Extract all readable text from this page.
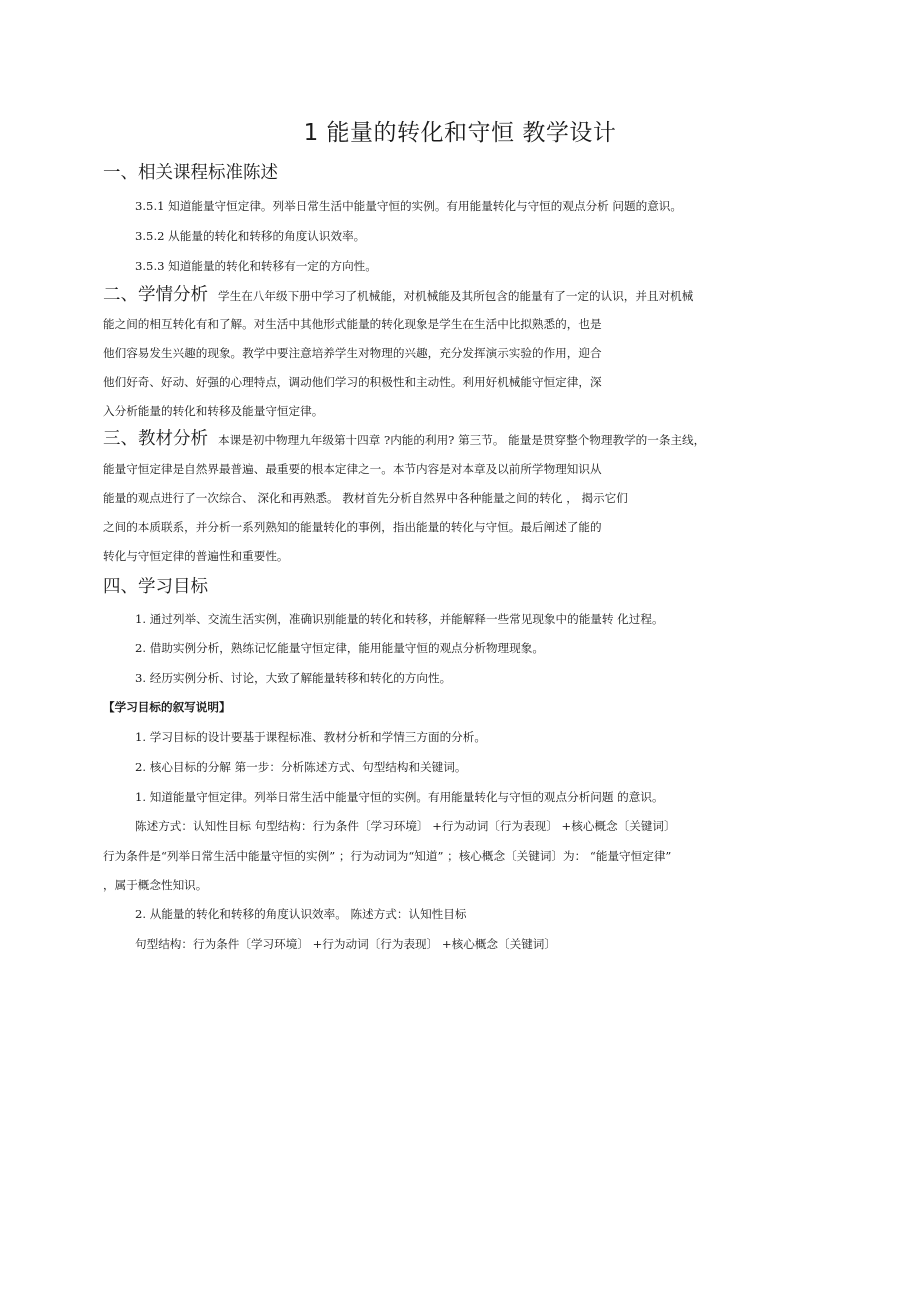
1 能量的转化和守恒 教学设计
一、相关课程标准陈述
3.5.1 知道能量守恒定律。列举日常生活中能量守恒的实例。有用能量转化与守恒的观点分析 问题的意识。
3.5.2 从能量的转化和转移的角度认识效率。
3.5.3 知道能量的转化和转移有一定的方向性。
二、学情分析 学生在八年级下册中学习了机械能，对机械能及其所包含的能量有了一定的认识，并且对机械
能之间的相互转化有和了解。对生活中其他形式能量的转化现象是学生在生活中比拟熟悉的，也是
他们容易发生兴趣的现象。教学中要注意培养学生对物理的兴趣，充分发挥演示实验的作用，迎合
他们好奇、好动、好强的心理特点，调动他们学习的积极性和主动性。利用好机械能守恒定律，深
入分析能量的转化和转移及能量守恒定律。
三、教材分析 本课是初中物理九年级第十四章 ?内能的利用? 第三节。 能量是贯穿整个物理教学的一条主线，
能量守恒定律是自然界最普遍、最重要的根本定律之一。本节内容是对本章及以前所学物理知识从
能量的观点进行了一次综合、 深化和再熟悉。 教材首先分析自然界中各种能量之间的转化 ， 揭示它们
之间的本质联系，并分析一系列熟知的能量转化的事例，指出能量的转化与守恒。最后阐述了能的
转化与守恒定律的普遍性和重要性。
四、学习目标
1. 通过列举、交流生活实例，准确识别能量的转化和转移，并能解释一些常见现象中的能量转 化过程。
2. 借助实例分析，熟练记忆能量守恒定律，能用能量守恒的观点分析物理现象。
3. 经历实例分析、讨论，大致了解能量转移和转化的方向性。
【学习目标的叙写说明】
1. 学习目标的设计要基于课程标准、教材分析和学情三方面的分析。
2. 核心目标的分解 第一步：分析陈述方式、句型结构和关键词。
1. 知道能量守恒定律。列举日常生活中能量守恒的实例。有用能量转化与守恒的观点分析问题 的意识。
陈述方式：认知性目标 句型结构：行为条件〔学习环境〕 +行为动词〔行为表现〕 +核心概念〔关键词〕
行为条件是“列举日常生活中能量守恒的实例” ；行为动词为“知道” ；核心概念〔关键词〕为： “能量守恒定律”
，属于概念性知识。
2. 从能量的转化和转移的角度认识效率。 陈述方式：认知性目标
句型结构：行为条件〔学习环境〕 +行为动词〔行为表现〕 +核心概念〔关键词〕
